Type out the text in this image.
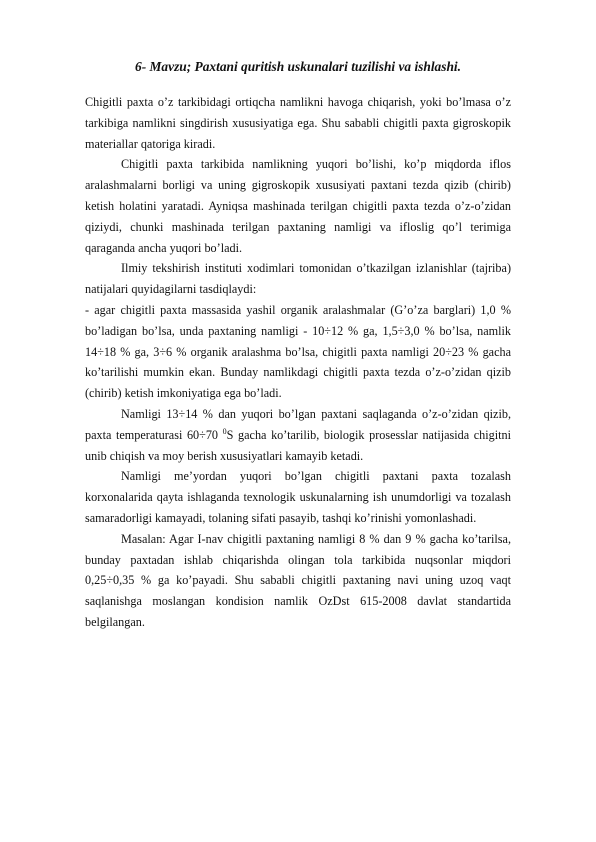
6- Mavzu; Paxtani quritish uskunalari tuzilishi va ishlashi.

Chigitli paxta o’z tarkibidagi ortiqcha namlikni havoga chiqarish, yoki bo’lmasa o’z tarkibiga namlikni singdirish xususiyatiga ega. Shu sababli chigitli paxta gigroskopik materiallar qatoriga kiradi.

Chigitli paxta tarkibida namlikning yuqori bo’lishi, ko’p miqdorda iflos aralashmalarni borligi va uning gigroskopik xususiyati paxtani tezda qizib (chirib) ketish holatini yaratadi. Ayniqsa mashinada terilgan chigitli paxta tezda o’z-o’zidan qiziydi, chunki mashinada terilgan paxtaning namligi va ifloslig qo’l terimiga qaraganda ancha yuqori bo’ladi.

Ilmiy tekshirish instituti xodimlari tomonidan o’tkazilgan izlanishlar (tajriba) natijalari quyidagilarni tasdiqlaydi:

- agar chigitli paxta massasida yashil organik aralashmalar (G’o’za barglari) 1,0 % bo’ladigan bo’lsa, unda paxtaning namligi - 10÷12 % ga, 1,5÷3,0 % bo’lsa, namlik 14÷18 % ga, 3÷6 % organik aralashma bo’lsa, chigitli paxta namligi 20÷23 % gacha ko’tarilishi mumkin ekan. Bunday namlikdagi chigitli paxta tezda o’z-o’zidan qizib (chirib) ketish imkoniyatiga ega bo’ladi.

Namligi 13÷14 % dan yuqori bo’lgan paxtani saqlaganda o’z-o’zidan qizib, paxta temperaturasi 60÷70 $^0$S gacha ko’tarilib, biologik prosesslar natijasida chigitni unib chiqish va moy berish xususiyatlari kamayib ketadi.

Namligi me’yordan yuqori bo’lgan chigitli paxtani paxta tozalash korxonalarida qayta ishlaganda texnologik uskunalarning ish unumdorligi va tozalash samaradorligi kamayadi, tolaning sifati pasayib, tashqi ko’rinishi yomonlashadi.

Masalan: Agar I-nav chigitli paxtaning namligi 8 % dan 9 % gacha ko’tarilsa, bunday paxtadan ishlab chiqarishda olingan tola tarkibida nuqsonlar miqdori 0,25÷0,35 % ga ko’payadi. Shu sababli chigitli paxtaning navi uning uzoq vaqt saqlanishga moslangan kondision namlik OzDst 615-2008 davlat standartida belgilangan.
